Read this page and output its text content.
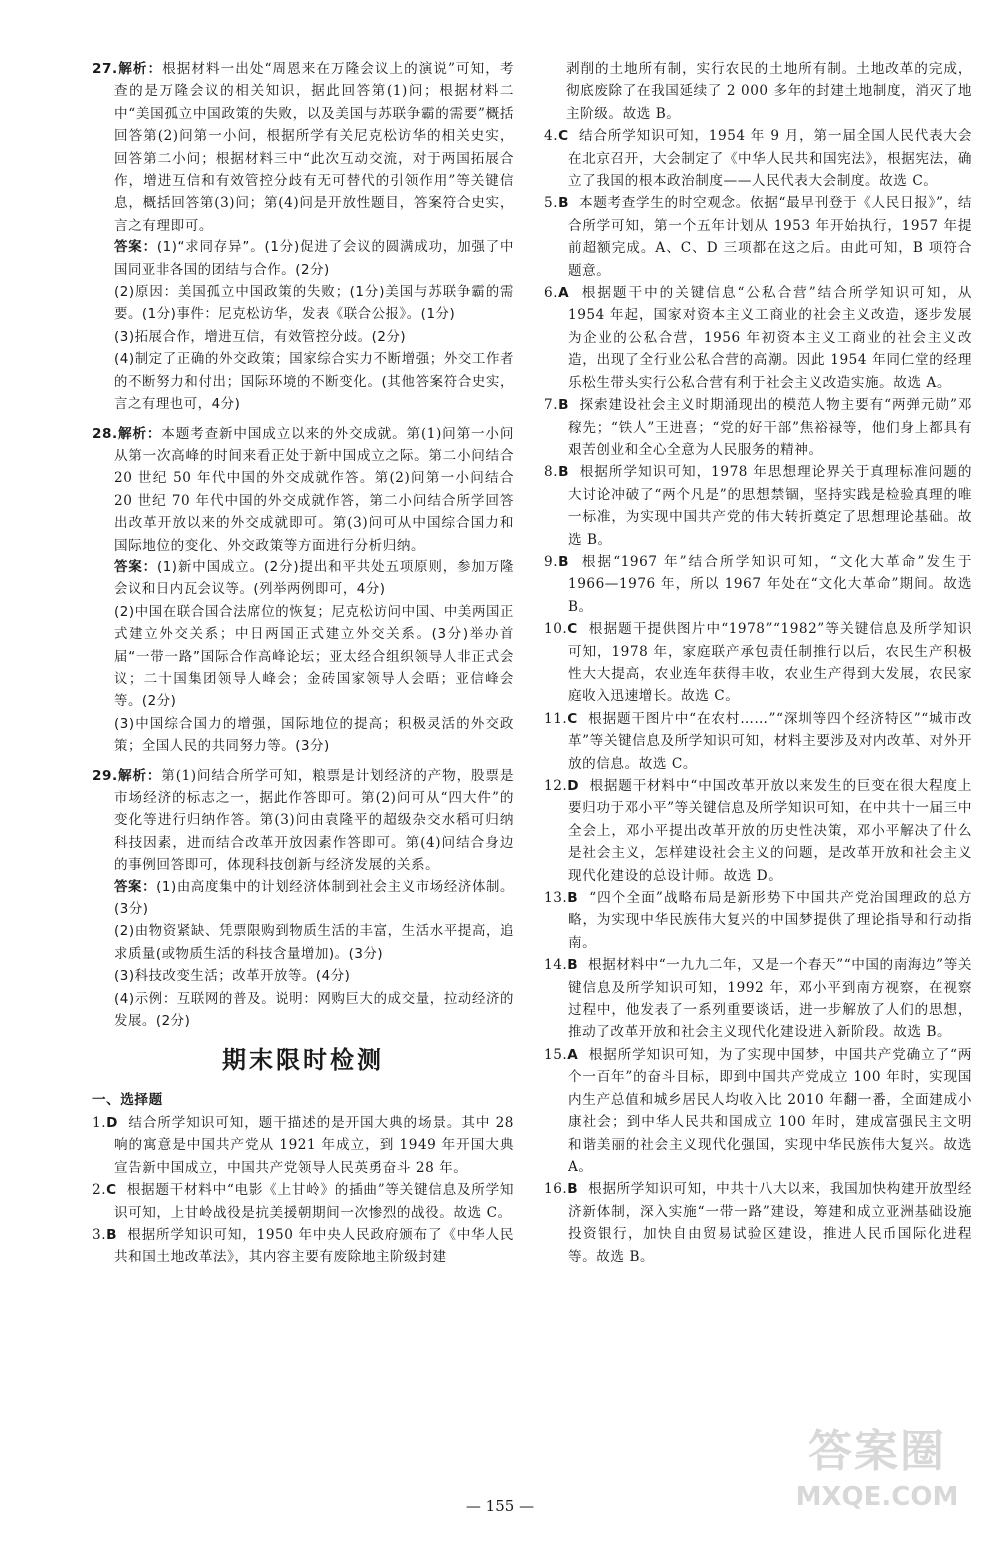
27.解析：根据材料一出处“周恩来在万隆会议上的演说”可知，考查的是万隆会议的相关知识，据此回答第(1)问；根据材料二中“美国孤立中国政策的失败，以及美国与苏联争霸的需要”概括回答第(2)问第一小问，根据所学有关尼克松访华的相关史实，回答第二小问；根据材料三中“此次互动交流，对于两国拓展合作，增进互信和有效管控分歧有无可替代的引领作用”等关键信息，概括回答第(3)问；第(4)问是开放性题目，答案符合史实，言之有理即可。

答案：(1)“求同存异”。(1分)促进了会议的圆满成功，加强了中国同亚非各国的团结与合作。(2分)

(2)原因：美国孤立中国政策的失败；(1分)美国与苏联争霸的需要。(1分)事件：尼克松访华，发表《联合公报》。(1分)

(3)拓展合作，增进互信，有效管控分歧。(2分)

(4)制定了正确的外交政策；国家综合实力不断增强；外交工作者的不断努力和付出；国际环境的不断变化。(其他答案符合史实，言之有理也可，4分)

28.解析：本题考查新中国成立以来的外交成就。第(1)问第一小问从第一次高峰的时间来看正处于新中国成立之际。第二小问结合 20 世纪 50 年代中国的外交成就作答。第(2)问第一小问结合 20 世纪 70 年代中国的外交成就作答，第二小问结合所学回答出改革开放以来的外交成就即可。第(3)问可从中国综合国力和国际地位的变化、外交政策等方面进行分析归纳。

答案：(1)新中国成立。(2分)提出和平共处五项原则，参加万隆会议和日内瓦会议等。(列举两例即可，4分)

(2)中国在联合国合法席位的恢复；尼克松访问中国、中美两国正式建立外交关系；中日两国正式建立外交关系。(3分)举办首届“一带一路”国际合作高峰论坛；亚太经合组织领导人非正式会议；二十国集团领导人峰会；金砖国家领导人会晤；亚信峰会等。(2分)

(3)中国综合国力的增强，国际地位的提高；积极灵活的外交政策；全国人民的共同努力等。(3分)

29.解析：第(1)问结合所学可知，粮票是计划经济的产物，股票是市场经济的标志之一，据此作答即可。第(2)问可从“四大件”的变化等进行归纳作答。第(3)问由袁隆平的超级杂交水稻可归纳科技因素，进而结合改革开放因素作答即可。第(4)问结合身边的事例回答即可，体现科技创新与经济发展的关系。

答案：(1)由高度集中的计划经济体制到社会主义市场经济体制。(3分)

(2)由物资紧缺、凭票限购到物质生活的丰富，生活水平提高，追求质量(或物质生活的科技含量增加)。(3分)

(3)科技改变生活；改革开放等。(4分)

(4)示例：互联网的普及。说明：网购巨大的成交量，拉动经济的发展。(2分)

期末限时检测

一、选择题

1.D 结合所学知识可知，题干描述的是开国大典的场景。其中 28 响的寓意是中国共产党从 1921 年成立，到 1949 年开国大典宣告新中国成立，中国共产党领导人民英勇奋斗 28 年。

2.C 根据题干材料中“电影《上甘岭》的插曲”等关键信息及所学知识可知，上甘岭战役是抗美援朝期间一次惨烈的战役。故选 C。

3.B 根据所学知识可知，1950 年中央人民政府颁布了《中华人民共和国土地改革法》，其内容主要有废除地主阶级封建

剥削的土地所有制，实行农民的土地所有制。土地改革的完成，彻底废除了在我国延续了 2 000 多年的封建土地制度，消灭了地主阶级。故选 B。

4.C 结合所学知识可知，1954 年 9 月，第一届全国人民代表大会在北京召开，大会制定了《中华人民共和国宪法》，根据宪法，确立了我国的根本政治制度——人民代表大会制度。故选 C。

5.B 本题考查学生的时空观念。依据“最早刊登于《人民日报》”，结合所学可知，第一个五年计划从 1953 年开始执行，1957 年提前超额完成。A、C、D 三项都在这之后。由此可知，B 项符合题意。

6.A 根据题干中的关键信息“公私合营”结合所学知识可知，从 1954 年起，国家对资本主义工商业的社会主义改造，逐步发展为企业的公私合营，1956 年初资本主义工商业的社会主义改造，出现了全行业公私合营的高潮。因此 1954 年同仁堂的经理乐松生带头实行公私合营有利于社会主义改造实施。故选 A。

7.B 探索建设社会主义时期涌现出的模范人物主要有“两弹元勋”邓稼先；“铁人”王进喜；“党的好干部”焦裕禄等，他们身上都具有艰苦创业和全心全意为人民服务的精神。

8.B 根据所学知识可知，1978 年思想理论界关于真理标准问题的大讨论冲破了“两个凡是”的思想禁锢，坚持实践是检验真理的唯一标准，为实现中国共产党的伟大转折奠定了思想理论基础。故选 B。

9.B 根据“1967 年”结合所学知识可知，“文化大革命”发生于 1966—1976 年，所以 1967 年处在“文化大革命”期间。故选 B。

10.C 根据题干提供图片中“1978”“1982”等关键信息及所学知识可知，1978 年，家庭联产承包责任制推行以后，农民生产积极性大大提高，农业连年获得丰收，农业生产得到大发展，农民家庭收入迅速增长。故选 C。

11.C 根据题干图片中“在农村……”“深圳等四个经济特区”“城市改革”等关键信息及所学知识可知，材料主要涉及对内改革、对外开放的信息。故选 C。

12.D 根据题干材料中“中国改革开放以来发生的巨变在很大程度上要归功于邓小平”等关键信息及所学知识可知，在中共十一届三中全会上，邓小平提出改革开放的历史性决策，邓小平解决了什么是社会主义，怎样建设社会主义的问题，是改革开放和社会主义现代化建设的总设计师。故选 D。

13.B “四个全面”战略布局是新形势下中国共产党治国理政的总方略，为实现中华民族伟大复兴的中国梦提供了理论指导和行动指南。

14.B 根据材料中“一九九二年，又是一个春天”“中国的南海边”等关键信息及所学知识可知，1992 年，邓小平到南方视察，在视察过程中，他发表了一系列重要谈话，进一步解放了人们的思想，推动了改革开放和社会主义现代化建设进入新阶段。故选 B。

15.A 根据所学知识可知，为了实现中国梦，中国共产党确立了“两个一百年”的奋斗目标，即到中国共产党成立 100 年时，实现国内生产总值和城乡居民人均收入比 2010 年翻一番，全面建成小康社会；到中华人民共和国成立 100 年时，建成富强民主文明和谐美丽的社会主义现代化强国，实现中华民族伟大复兴。故选 A。

16.B 根据所学知识可知，中共十八大以来，我国加快构建开放型经济新体制，深入实施“一带一路”建设，筹建和成立亚洲基础设施投资银行，加快自由贸易试验区建设，推进人民币国际化进程等。故选 B。

— 155 —
答案圈
MXQE.COM
